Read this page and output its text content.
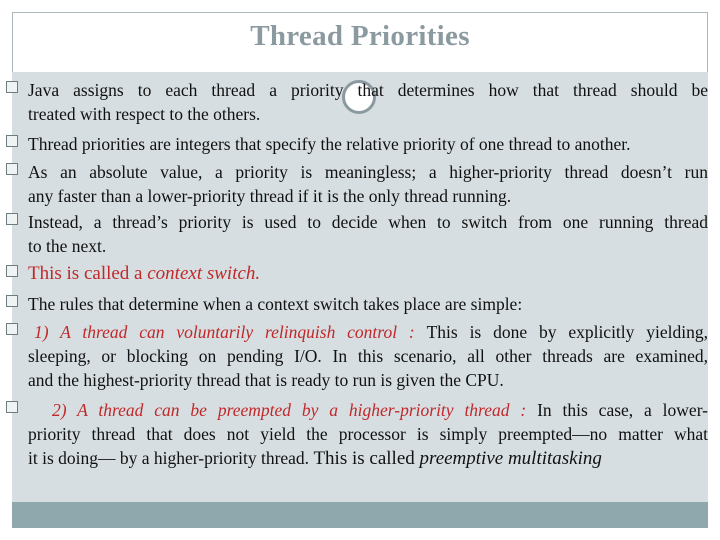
Thread Priorities
Java assigns to each thread a priority that determines how that thread should be
treated with respect to the others.
Thread priorities are integers that specify the relative priority of one thread to another.
As an absolute value, a priority is meaningless; a higher-priority thread doesn’t run
any faster than a lower-priority thread if it is the only thread running.
Instead, a thread’s priority is used to decide when to switch from one running thread
to the next.
This is called a context switch.
The rules that determine when a context switch takes place are simple:
1) A thread can voluntarily relinquish control : This is done by explicitly yielding,
sleeping, or blocking on pending I/O. In this scenario, all other threads are examined,
and the highest-priority thread that is ready to run is given the CPU.
2) A thread can be preempted by a higher-priority thread : In this case, a lower-
priority thread that does not yield the processor is simply preempted—no matter what
it is doing— by a higher-priority thread. This is called preemptive multitasking
